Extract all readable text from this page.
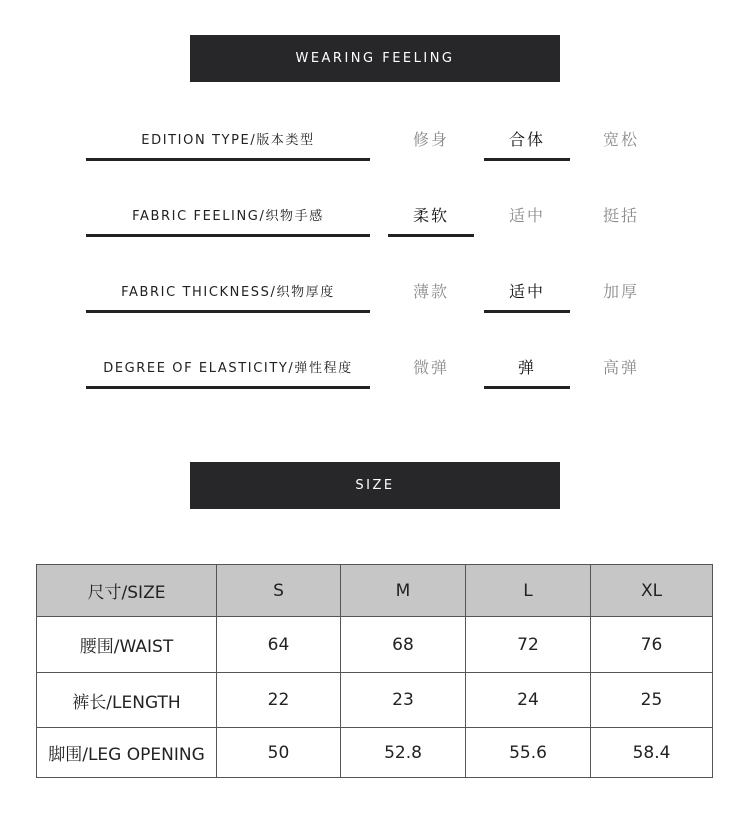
WEARING FEELING
EDITION TYPE/版本类型	修身	合体	宽松
FABRIC FEELING/织物手感	柔软	适中	挺括
FABRIC THICKNESS/织物厚度	薄款	适中	加厚
DEGREE OF ELASTICITY/弹性程度	微弹	弹	高弹
SIZE
尺寸/SIZE	S	M	L	XL
腰围/WAIST	64	68	72	76
裤长/LENGTH	22	23	24	25
脚围/LEG OPENING	50	52.8	55.6	58.4
